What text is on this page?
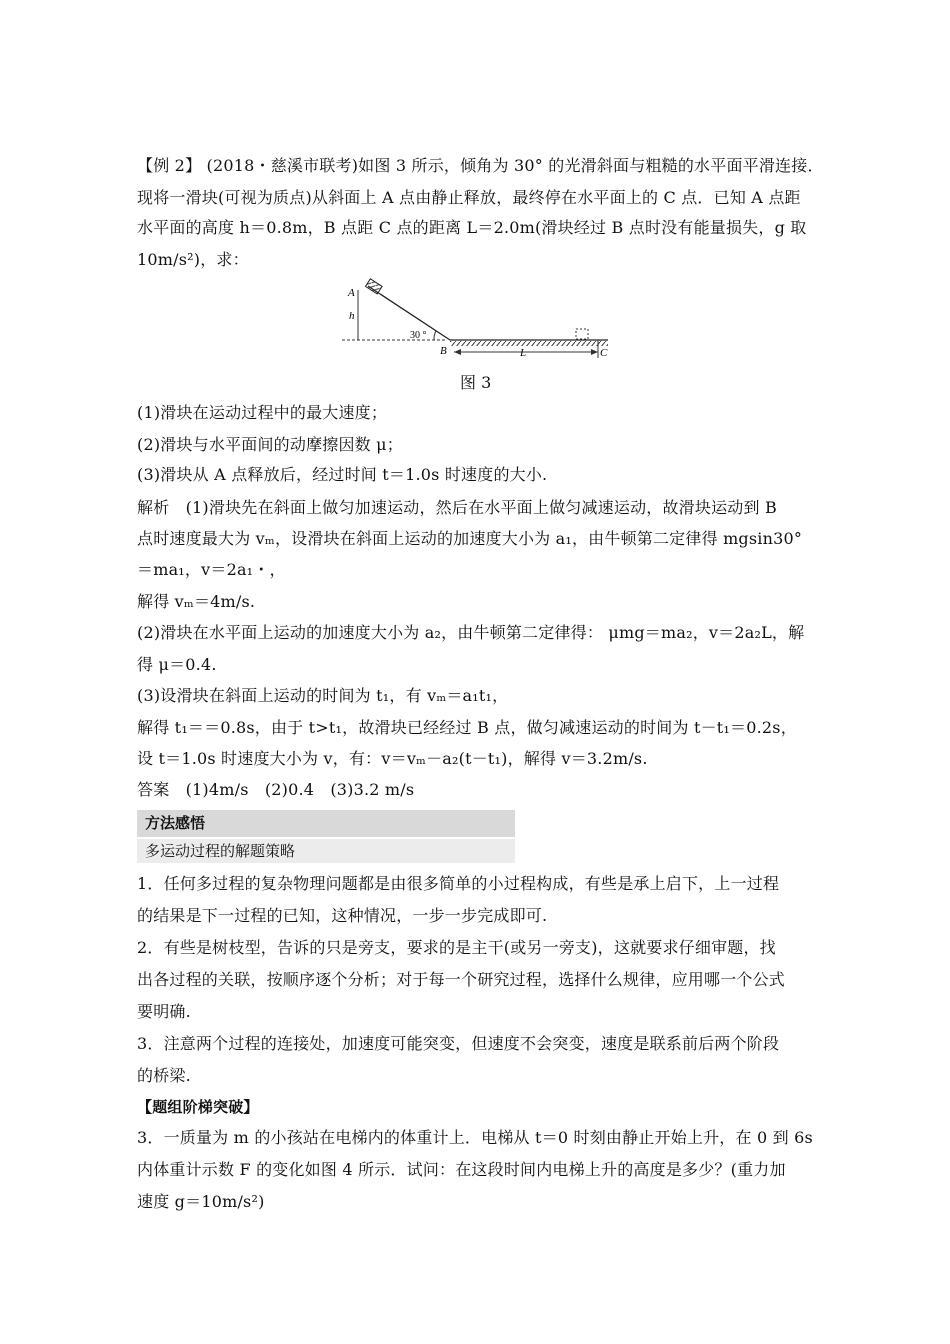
【例 2】 (2018・慈溪市联考)如图 3 所示，倾角为 30° 的光滑斜面与粗糙的水平面平滑连接．
现将一滑块(可视为质点)从斜面上 A 点由静止释放，最终停在水平面上的 C 点．已知 A 点距
水平面的高度 h＝0.8m，B 点距 C 点的距离 L＝2.0m(滑块经过 B 点时没有能量损失，g 取
10m/s²)，求：
A
h
30 °
B	L	C
图 3
(1)滑块在运动过程中的最大速度；
(2)滑块与水平面间的动摩擦因数 μ；
(3)滑块从 A 点释放后，经过时间 t＝1.0s 时速度的大小.
解析　(1)滑块先在斜面上做匀加速运动，然后在水平面上做匀减速运动，故滑块运动到 B
点时速度最大为 vₘ，设滑块在斜面上运动的加速度大小为 a₁，由牛顿第二定律得 mgsin30°
＝ma₁，v＝2a₁・，
解得 vₘ＝4m/s.
(2)滑块在水平面上运动的加速度大小为 a₂，由牛顿第二定律得： μmg＝ma₂，v＝2a₂L，解
得 μ＝0.4.
(3)设滑块在斜面上运动的时间为 t₁，有 vₘ＝a₁t₁，
解得 t₁＝＝0.8s，由于 t>t₁，故滑块已经经过 B 点，做匀减速运动的时间为 t－t₁＝0.2s，
设 t＝1.0s 时速度大小为 v，有：v＝vₘ－a₂(t－t₁)，解得 v＝3.2m/s.
答案　(1)4m/s　(2)0.4　(3)3.2 m/s
方法感悟
多运动过程的解题策略
1．任何多过程的复杂物理问题都是由很多简单的小过程构成，有些是承上启下，上一过程
的结果是下一过程的已知，这种情况，一步一步完成即可.
2．有些是树枝型，告诉的只是旁支，要求的是主干(或另一旁支)，这就要求仔细审题，找
出各过程的关联，按顺序逐个分析；对于每一个研究过程，选择什么规律，应用哪一个公式
要明确.
3．注意两个过程的连接处，加速度可能突变，但速度不会突变，速度是联系前后两个阶段
的桥梁.
【题组阶梯突破】
3．一质量为 m 的小孩站在电梯内的体重计上．电梯从 t＝0 时刻由静止开始上升，在 0 到 6s
内体重计示数 F 的变化如图 4 所示．试问：在这段时间内电梯上升的高度是多少？(重力加
速度 g＝10m/s²)
